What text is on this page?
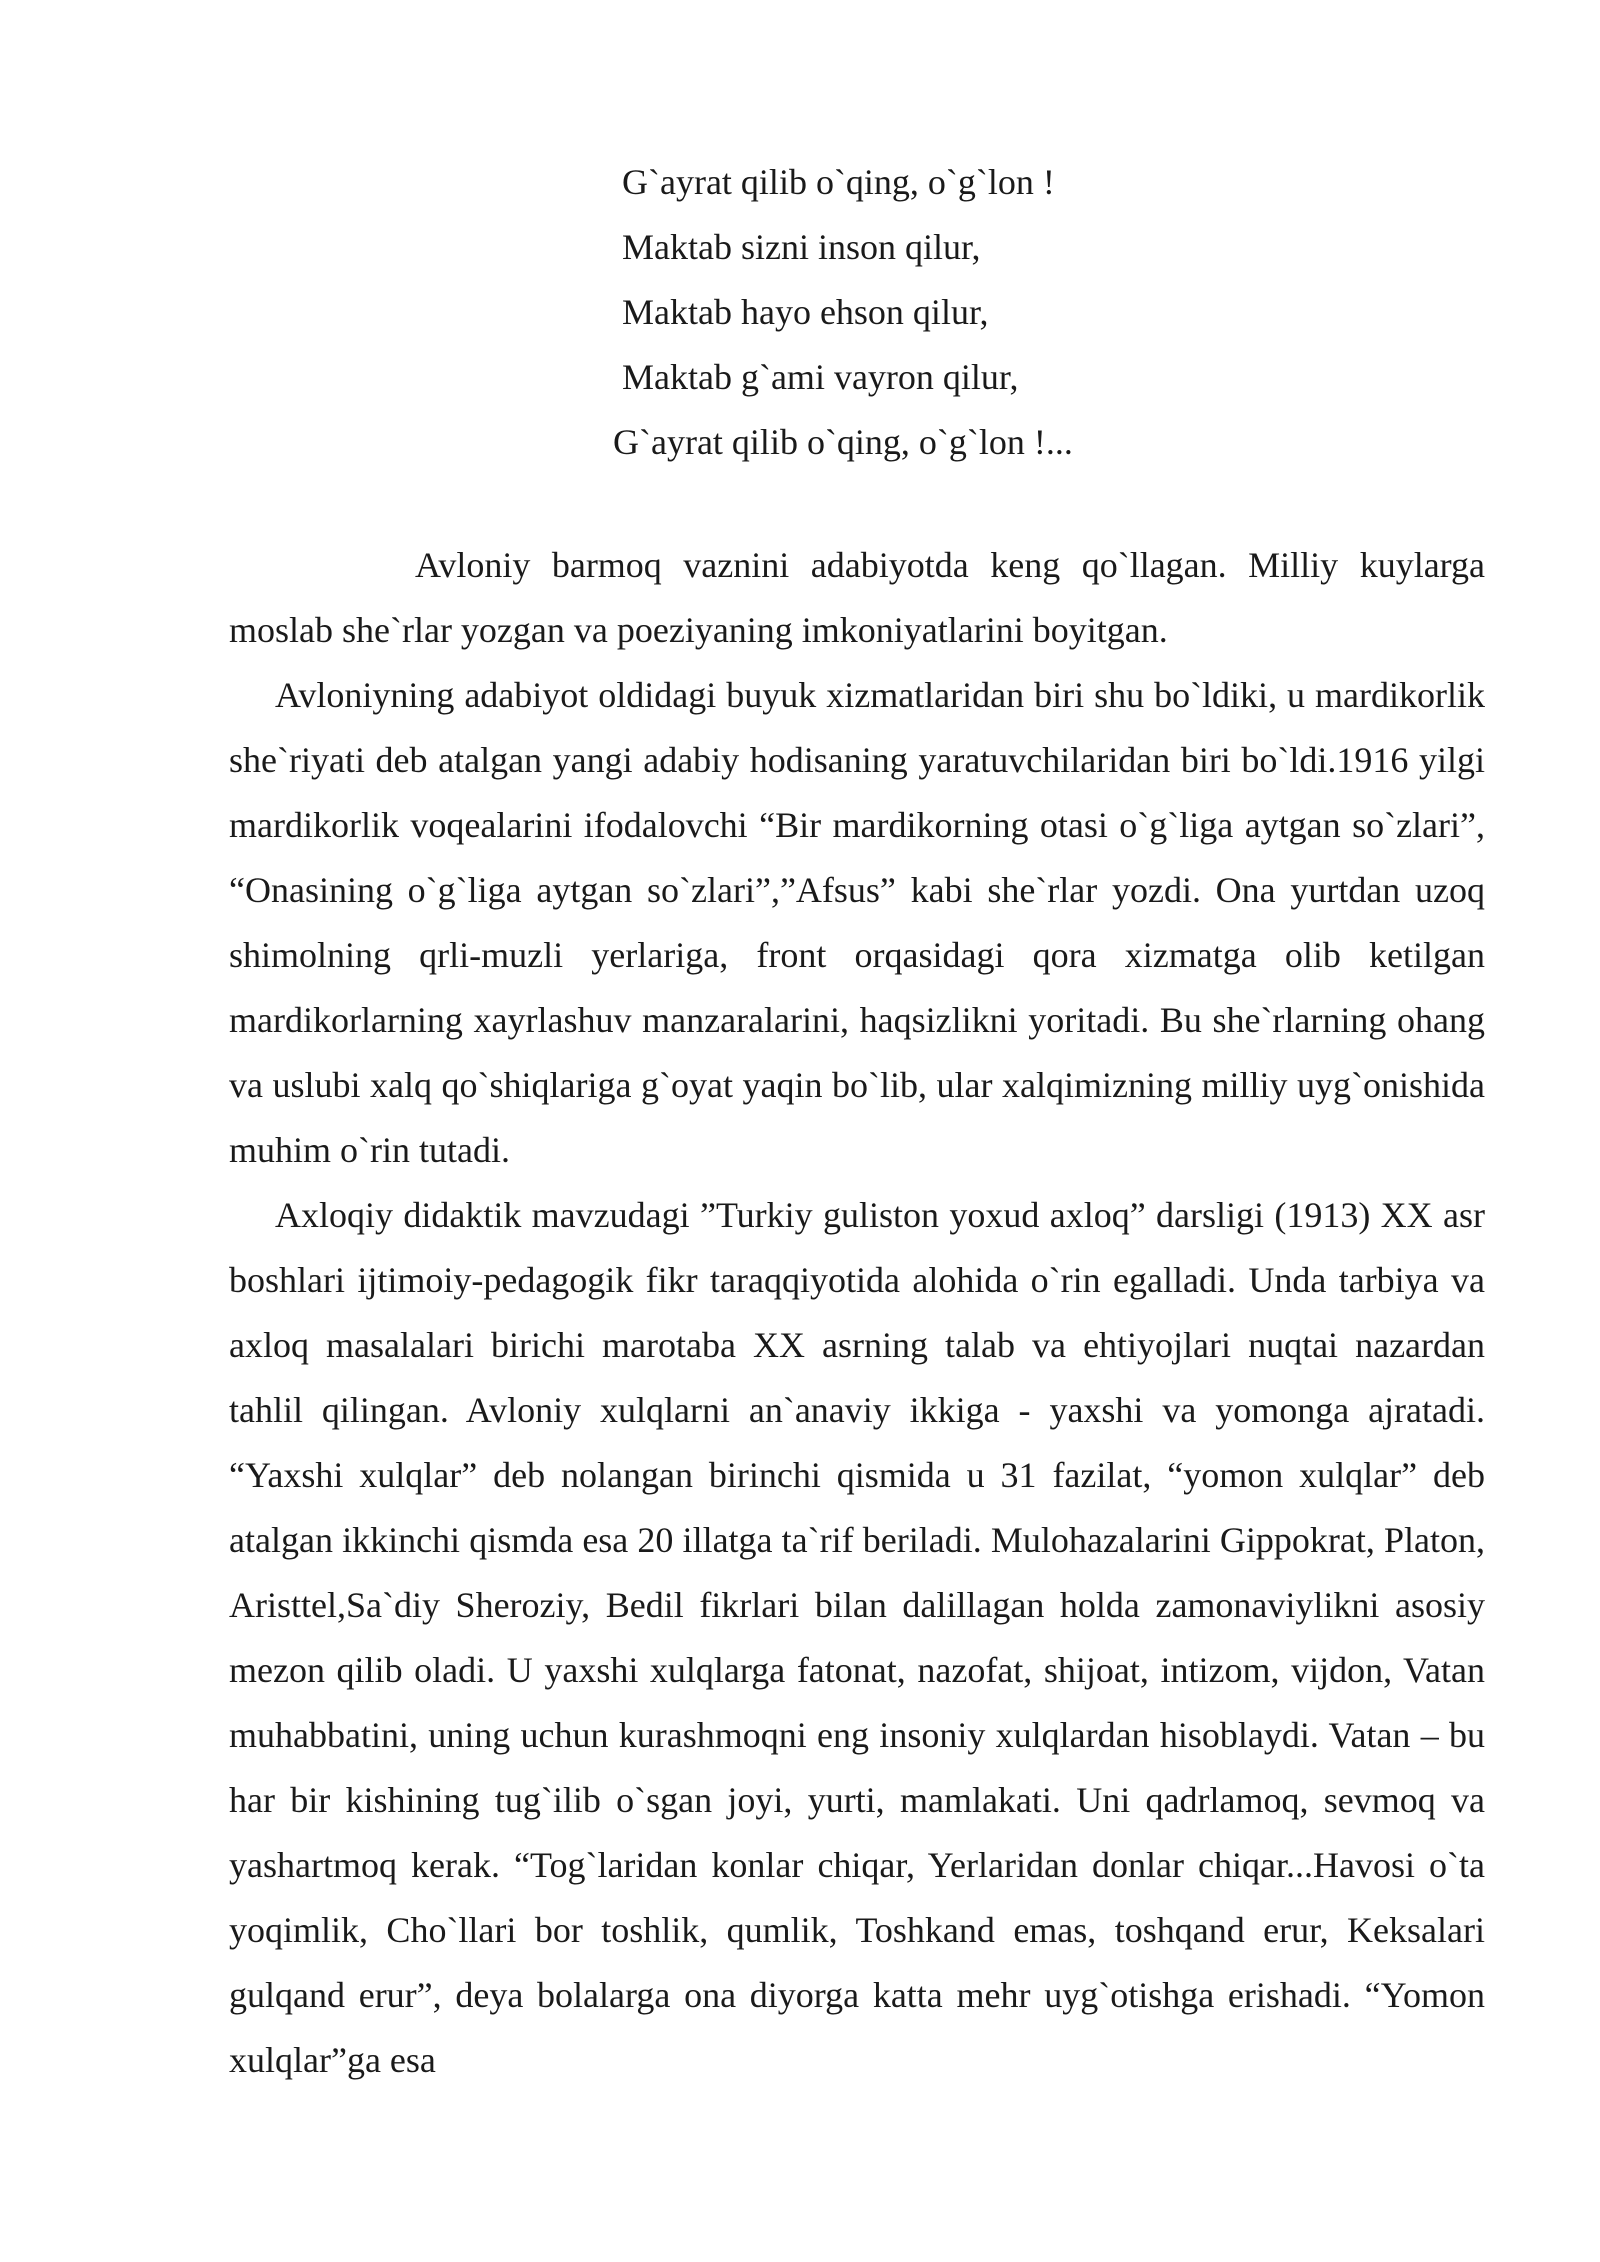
G`ayrat qilib o`qing, o`g`lon !
Maktab sizni inson qilur,
Maktab hayo ehson qilur,
Maktab g`ami vayron qilur,
G`ayrat qilib o`qing, o`g`lon !...

Avloniy barmoq vaznini adabiyotda keng qo`llagan. Milliy kuylarga moslab she`rlar yozgan va poeziyaning imkoniyatlarini boyitgan.

Avloniyning adabiyot oldidagi buyuk xizmatlaridan biri shu bo`ldiki, u mardikorlik she`riyati deb atalgan yangi adabiy hodisaning yaratuvchilaridan biri bo`ldi.1916 yilgi mardikorlik voqealarini ifodalovchi “Bir mardikorning otasi o`g`liga aytgan so`zlari”, “Onasining o`g`liga aytgan so`zlari”,”Afsus” kabi she`rlar yozdi. Ona yurtdan uzoq shimolning qrli-muzli yerlariga, front orqasidagi qora xizmatga olib ketilgan mardikorlarning xayrlashuv manzaralarini, haqsizlikni yoritadi. Bu she`rlarning ohang va uslubi xalq qo`shiqlariga g`oyat yaqin bo`lib, ular xalqimizning milliy uyg`onishida muhim o`rin tutadi.

Axloqiy didaktik mavzudagi ”Turkiy guliston yoxud axloq” darsligi (1913) XX asr boshlari ijtimoiy-pedagogik fikr taraqqiyotida alohida o`rin egalladi. Unda tarbiya va axloq masalalari birichi marotaba XX asrning talab va ehtiyojlari nuqtai nazardan tahlil qilingan. Avloniy xulqlarni an`anaviy ikkiga - yaxshi va yomonga ajratadi. “Yaxshi xulqlar” deb nolangan birinchi qismida u 31 fazilat, “yomon xulqlar” deb atalgan ikkinchi qismda esa 20 illatga ta`rif beriladi. Mulohazalarini Gippokrat, Platon, Aristtel,Sa`diy Sheroziy, Bedil fikrlari bilan dalillagan holda zamonaviylikni asosiy mezon qilib oladi. U yaxshi xulqlarga fatonat, nazofat, shijoat, intizom, vijdon, Vatan muhabbatini, uning uchun kurashmoqni eng insoniy xulqlardan hisoblaydi. Vatan – bu har bir kishining tug`ilib o`sgan joyi, yurti, mamlakati. Uni qadrlamoq, sevmoq va yashartmoq kerak. “Tog`laridan konlar chiqar, Yerlaridan donlar chiqar...Havosi o`ta yoqimlik, Cho`llari bor toshlik, qumlik, Toshkand emas, toshqand erur, Keksalari gulqand erur”, deya bolalarga ona diyorga katta mehr uyg`otishga erishadi. “Yomon xulqlar”ga esa
